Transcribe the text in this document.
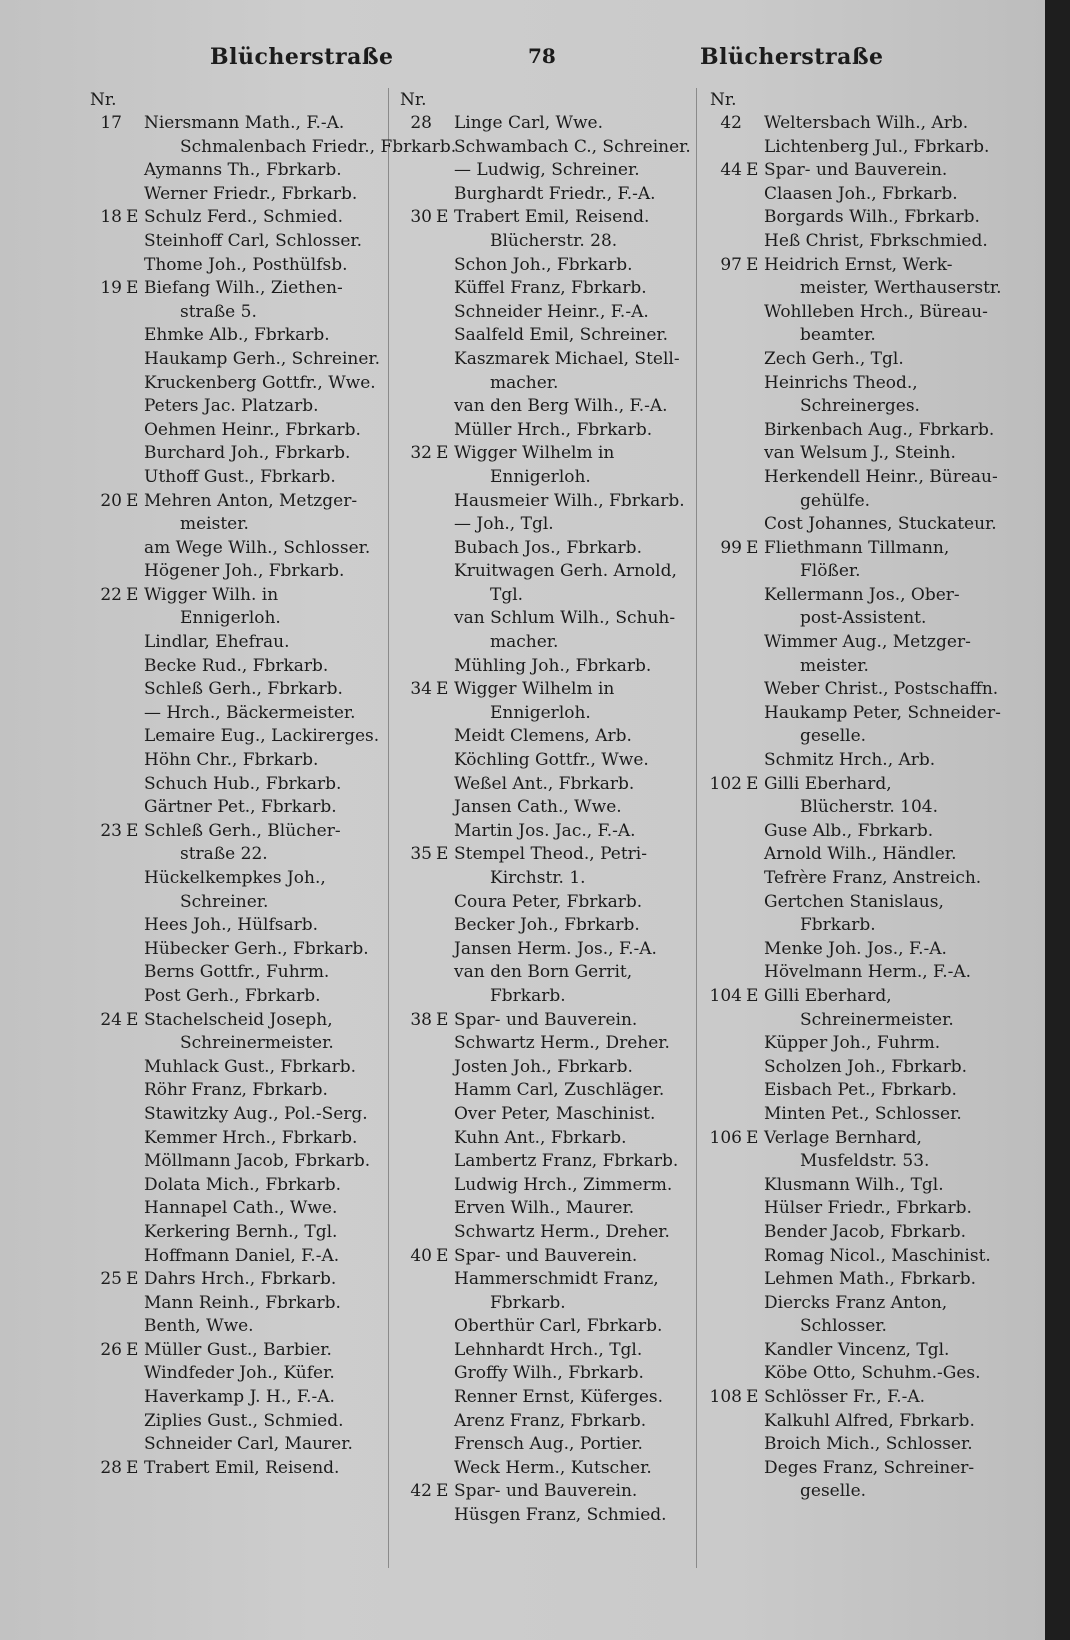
Blücherstraße	78	Blücherstraße
Nr.
17 Niersmann Math., F.-A.
Schmalenbach Friedr., Fbrkarb.
Aymanns Th., Fbrkarb.
Werner Friedr., Fbrkarb.
18 E Schulz Ferd., Schmied.
Steinhoff Carl, Schlosser.
Thome Joh., Posthülfsb.
19 E Biefang Wilh., Ziethen-
straße 5.
Ehmke Alb., Fbrkarb.
Haukamp Gerh., Schreiner.
Kruckenberg Gottfr., Wwe.
Peters Jac. Platzarb.
Oehmen Heinr., Fbrkarb.
Burchard Joh., Fbrkarb.
Uthoff Gust., Fbrkarb.
20 E Mehren Anton, Metzger-
meister.
am Wege Wilh., Schlosser.
Högener Joh., Fbrkarb.
22 E Wigger Wilh. in
Ennigerloh.
Lindlar, Ehefrau.
Becke Rud., Fbrkarb.
Schleß Gerh., Fbrkarb.
— Hrch., Bäckermeister.
Lemaire Eug., Lackirerges.
Höhn Chr., Fbrkarb.
Schuch Hub., Fbrkarb.
Gärtner Pet., Fbrkarb.
23 E Schleß Gerh., Blücher-
straße 22.
Hückelkempkes Joh.,
Schreiner.
Hees Joh., Hülfsarb.
Hübecker Gerh., Fbrkarb.
Berns Gottfr., Fuhrm.
Post Gerh., Fbrkarb.
24 E Stachelscheid Joseph,
Schreinermeister.
Muhlack Gust., Fbrkarb.
Röhr Franz, Fbrkarb.
Stawitzky Aug., Pol.-Serg.
Kemmer Hrch., Fbrkarb.
Möllmann Jacob, Fbrkarb.
Dolata Mich., Fbrkarb.
Hannapel Cath., Wwe.
Kerkering Bernh., Tgl.
Hoffmann Daniel, F.-A.
25 E Dahrs Hrch., Fbrkarb.
Mann Reinh., Fbrkarb.
Benth, Wwe.
26 E Müller Gust., Barbier.
Windfeder Joh., Küfer.
Haverkamp J. H., F.-A.
Ziplies Gust., Schmied.
Schneider Carl, Maurer.
28 E Trabert Emil, Reisend.
Nr.
28 Linge Carl, Wwe.
Schwambach C., Schreiner.
— Ludwig, Schreiner.
Burghardt Friedr., F.-A.
30 E Trabert Emil, Reisend.
Blücherstr. 28.
Schon Joh., Fbrkarb.
Küffel Franz, Fbrkarb.
Schneider Heinr., F.-A.
Saalfeld Emil, Schreiner.
Kaszmarek Michael, Stell-
macher.
van den Berg Wilh., F.-A.
Müller Hrch., Fbrkarb.
32 E Wigger Wilhelm in
Ennigerloh.
Hausmeier Wilh., Fbrkarb.
— Joh., Tgl.
Bubach Jos., Fbrkarb.
Kruitwagen Gerh. Arnold,
Tgl.
van Schlum Wilh., Schuh-
macher.
Mühling Joh., Fbrkarb.
34 E Wigger Wilhelm in
Ennigerloh.
Meidt Clemens, Arb.
Köchling Gottfr., Wwe.
Weßel Ant., Fbrkarb.
Jansen Cath., Wwe.
Martin Jos. Jac., F.-A.
35 E Stempel Theod., Petri-
Kirchstr. 1.
Coura Peter, Fbrkarb.
Becker Joh., Fbrkarb.
Jansen Herm. Jos., F.-A.
van den Born Gerrit,
Fbrkarb.
38 E Spar- und Bauverein.
Schwartz Herm., Dreher.
Josten Joh., Fbrkarb.
Hamm Carl, Zuschläger.
Over Peter, Maschinist.
Kuhn Ant., Fbrkarb.
Lambertz Franz, Fbrkarb.
Ludwig Hrch., Zimmerm.
Erven Wilh., Maurer.
Schwartz Herm., Dreher.
40 E Spar- und Bauverein.
Hammerschmidt Franz,
Fbrkarb.
Oberthür Carl, Fbrkarb.
Lehnhardt Hrch., Tgl.
Groffy Wilh., Fbrkarb.
Renner Ernst, Küferges.
Arenz Franz, Fbrkarb.
Frensch Aug., Portier.
Weck Herm., Kutscher.
42 E Spar- und Bauverein.
Hüsgen Franz, Schmied.
Nr.
42 Weltersbach Wilh., Arb.
Lichtenberg Jul., Fbrkarb.
44 E Spar- und Bauverein.
Claasen Joh., Fbrkarb.
Borgards Wilh., Fbrkarb.
Heß Christ, Fbrkschmied.
97 E Heidrich Ernst, Werk-
meister, Werthauserstr.
Wohlleben Hrch., Büreau-
beamter.
Zech Gerh., Tgl.
Heinrichs Theod.,
Schreinerges.
Birkenbach Aug., Fbrkarb.
van Welsum J., Steinh.
Herkendell Heinr., Büreau-
gehülfe.
Cost Johannes, Stuckateur.
99 E Fliethmann Tillmann,
Flößer.
Kellermann Jos., Ober-
post-Assistent.
Wimmer Aug., Metzger-
meister.
Weber Christ., Postschaffn.
Haukamp Peter, Schneider-
geselle.
Schmitz Hrch., Arb.
102 E Gilli Eberhard,
Blücherstr. 104.
Guse Alb., Fbrkarb.
Arnold Wilh., Händler.
Tefrère Franz, Anstreich.
Gertchen Stanislaus,
Fbrkarb.
Menke Joh. Jos., F.-A.
Hövelmann Herm., F.-A.
104 E Gilli Eberhard,
Schreinermeister.
Küpper Joh., Fuhrm.
Scholzen Joh., Fbrkarb.
Eisbach Pet., Fbrkarb.
Minten Pet., Schlosser.
106 E Verlage Bernhard,
Musfeldstr. 53.
Klusmann Wilh., Tgl.
Hülser Friedr., Fbrkarb.
Bender Jacob, Fbrkarb.
Romag Nicol., Maschinist.
Lehmen Math., Fbrkarb.
Diercks Franz Anton,
Schlosser.
Kandler Vincenz, Tgl.
Köbe Otto, Schuhm.-Ges.
108 E Schlösser Fr., F.-A.
Kalkuhl Alfred, Fbrkarb.
Broich Mich., Schlosser.
Deges Franz, Schreiner-
geselle.
